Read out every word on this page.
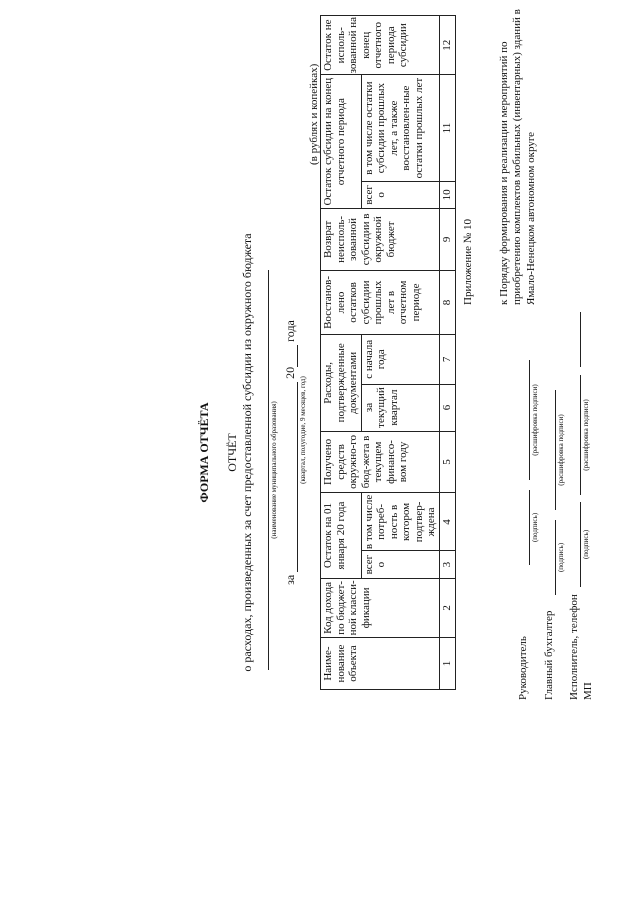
Приложение № 10 к Порядку формирования и реализации мероприятий по приобретению комплектов мобильных (инвентарных) зданий в Ямало-Ненецком автономном округе
ФОРМА ОТЧЁТА ОТЧЁТ о расходах, произведенных за счет предоставленной субсидии из окружного бюджета (наименование муниципального образования)
за  20 года
(квартал, полугодие, 9 месяцев, год)
(в рублях и копейках)
Наиме-нование объекта	Код дохода по бюджет-ной класси-фикации	Остаток на 01 января 20 года		Получено средств окружно-го бюд-жета в текущем финансо-вом году	Расходы, подтвержденные документами		Восстанов-лено остатков субсидии прошлых лет в отчетном периоде	Возврат неисполь-зованной субсидии в окружной бюджет	Остаток субсидии на конец отчетного периода		Остаток не исполь-зованной на конец отчетного периода субсидии
		всего	в том числе потреб-ность в котором подтвер-ждена		за текущий квартал	с начала года			всего	в том числе остатки субсидии прошлых лет, а также восстановлен-ные остатки прошлых лет	
1	2	3	4	5	6	7	8	9	10	11	12
Руководитель
(подпись)
(расшифровка подписи)
Главный бухгалтер
(подпись)
(расшифровка подписи)
Исполнитель, телефон
(подпись)
(расшифровка подписи)
МП
